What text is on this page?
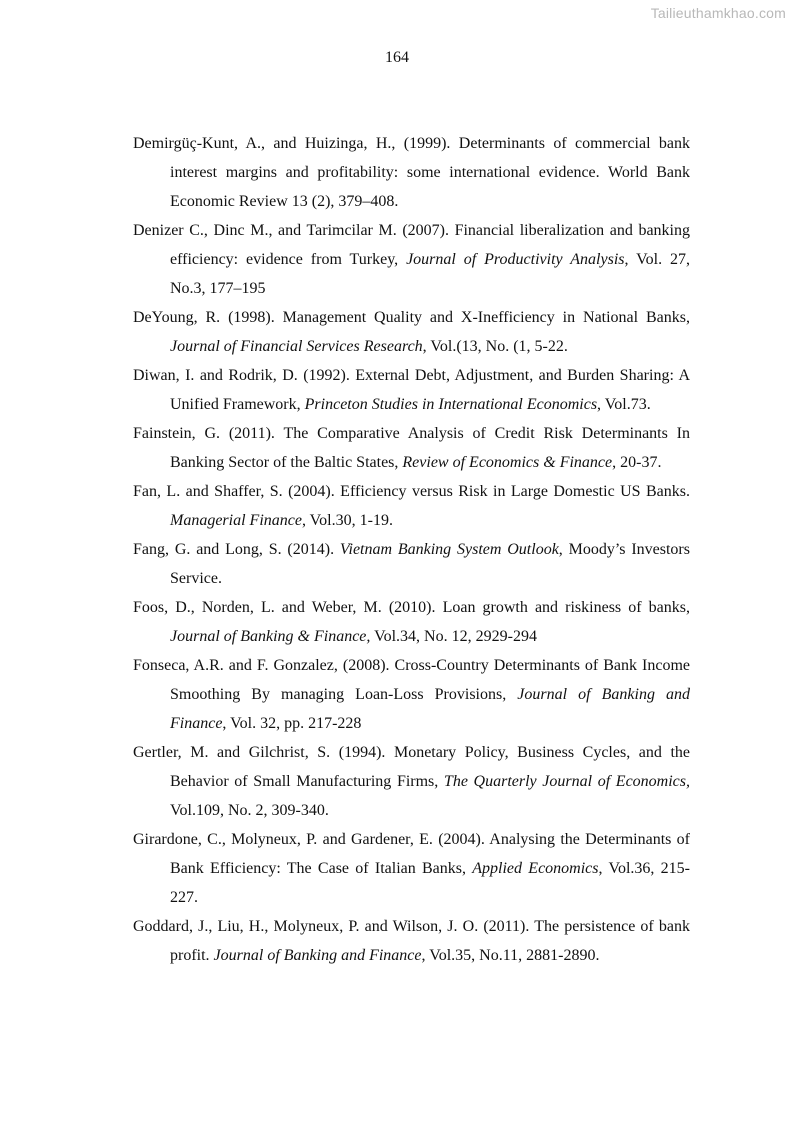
Tailieuthamkhao.com
164
Demirgüç-Kunt, A., and Huizinga, H., (1999). Determinants of commercial bank interest margins and profitability: some international evidence. World Bank Economic Review 13 (2), 379–408.
Denizer C., Dinc M., and Tarimcilar M. (2007). Financial liberalization and banking efficiency: evidence from Turkey, Journal of Productivity Analysis, Vol. 27, No.3, 177–195
DeYoung, R. (1998). Management Quality and X-Inefficiency in National Banks, Journal of Financial Services Research, Vol.(13, No. (1, 5-22.
Diwan, I. and Rodrik, D. (1992). External Debt, Adjustment, and Burden Sharing: A Unified Framework, Princeton Studies in International Economics, Vol.73.
Fainstein, G. (2011). The Comparative Analysis of Credit Risk Determinants In Banking Sector of the Baltic States, Review of Economics & Finance, 20-37.
Fan, L. and Shaffer, S. (2004). Efficiency versus Risk in Large Domestic US Banks. Managerial Finance, Vol.30, 1-19.
Fang, G. and Long, S. (2014). Vietnam Banking System Outlook, Moody’s Investors Service.
Foos, D., Norden, L. and Weber, M. (2010). Loan growth and riskiness of banks, Journal of Banking & Finance, Vol.34, No. 12, 2929-294
Fonseca, A.R. and F. Gonzalez, (2008). Cross-Country Determinants of Bank Income Smoothing By managing Loan-Loss Provisions, Journal of Banking and Finance, Vol. 32, pp. 217-228
Gertler, M. and Gilchrist, S. (1994). Monetary Policy, Business Cycles, and the Behavior of Small Manufacturing Firms, The Quarterly Journal of Economics, Vol.109, No. 2, 309-340.
Girardone, C., Molyneux, P. and Gardener, E. (2004). Analysing the Determinants of Bank Efficiency: The Case of Italian Banks, Applied Economics, Vol.36, 215-227.
Goddard, J., Liu, H., Molyneux, P. and Wilson, J. O. (2011). The persistence of bank profit. Journal of Banking and Finance, Vol.35, No.11, 2881-2890.
